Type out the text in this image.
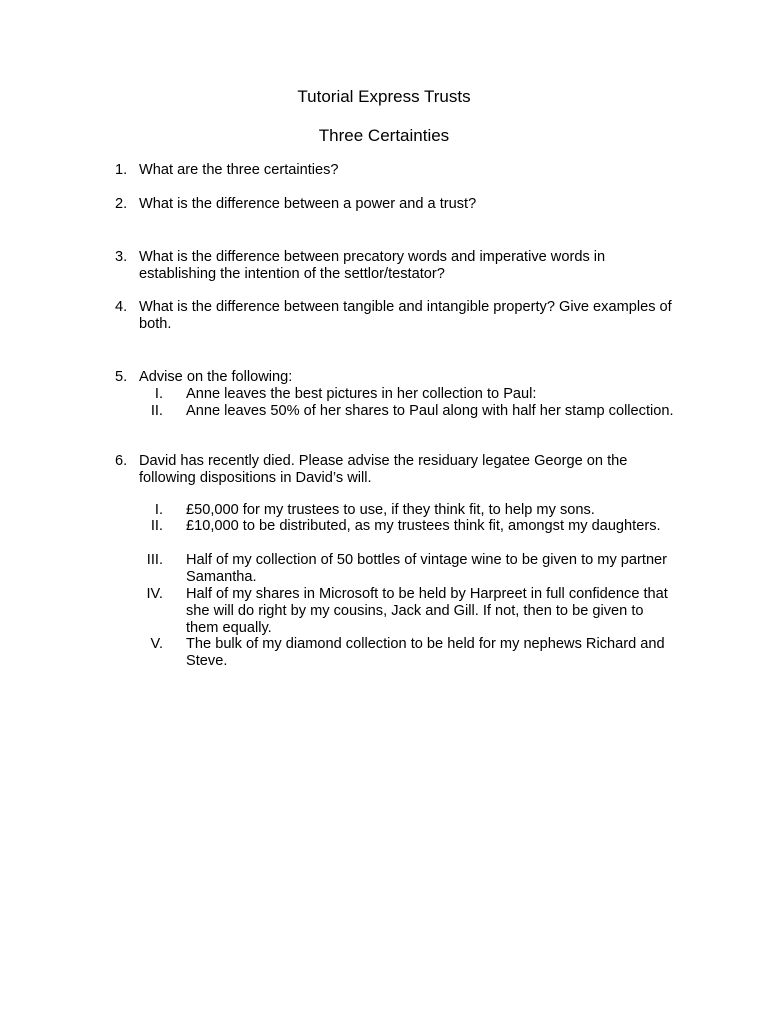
Tutorial Express Trusts
Three Certainties
1. What are the three certainties?
2. What is the difference between a power and a trust?
3. What is the difference between precatory words and imperative words in establishing the intention of the settlor/testator?
4. What is the difference between tangible and intangible property? Give examples of both.
5. Advise on the following:
I. Anne leaves the best pictures in her collection to Paul:
II. Anne leaves 50% of her shares to Paul along with half her stamp collection.
6. David has recently died. Please advise the residuary legatee George on the following dispositions in David’s will.
I. £50,000 for my trustees to use, if they think fit, to help my sons.
II. £10,000 to be distributed, as my trustees think fit, amongst my daughters.
III. Half of my collection of 50 bottles of vintage wine to be given to my partner Samantha.
IV. Half of my shares in Microsoft to be held by Harpreet in full confidence that she will do right by my cousins, Jack and Gill. If not, then to be given to them equally.
V. The bulk of my diamond collection to be held for my nephews Richard and Steve.
